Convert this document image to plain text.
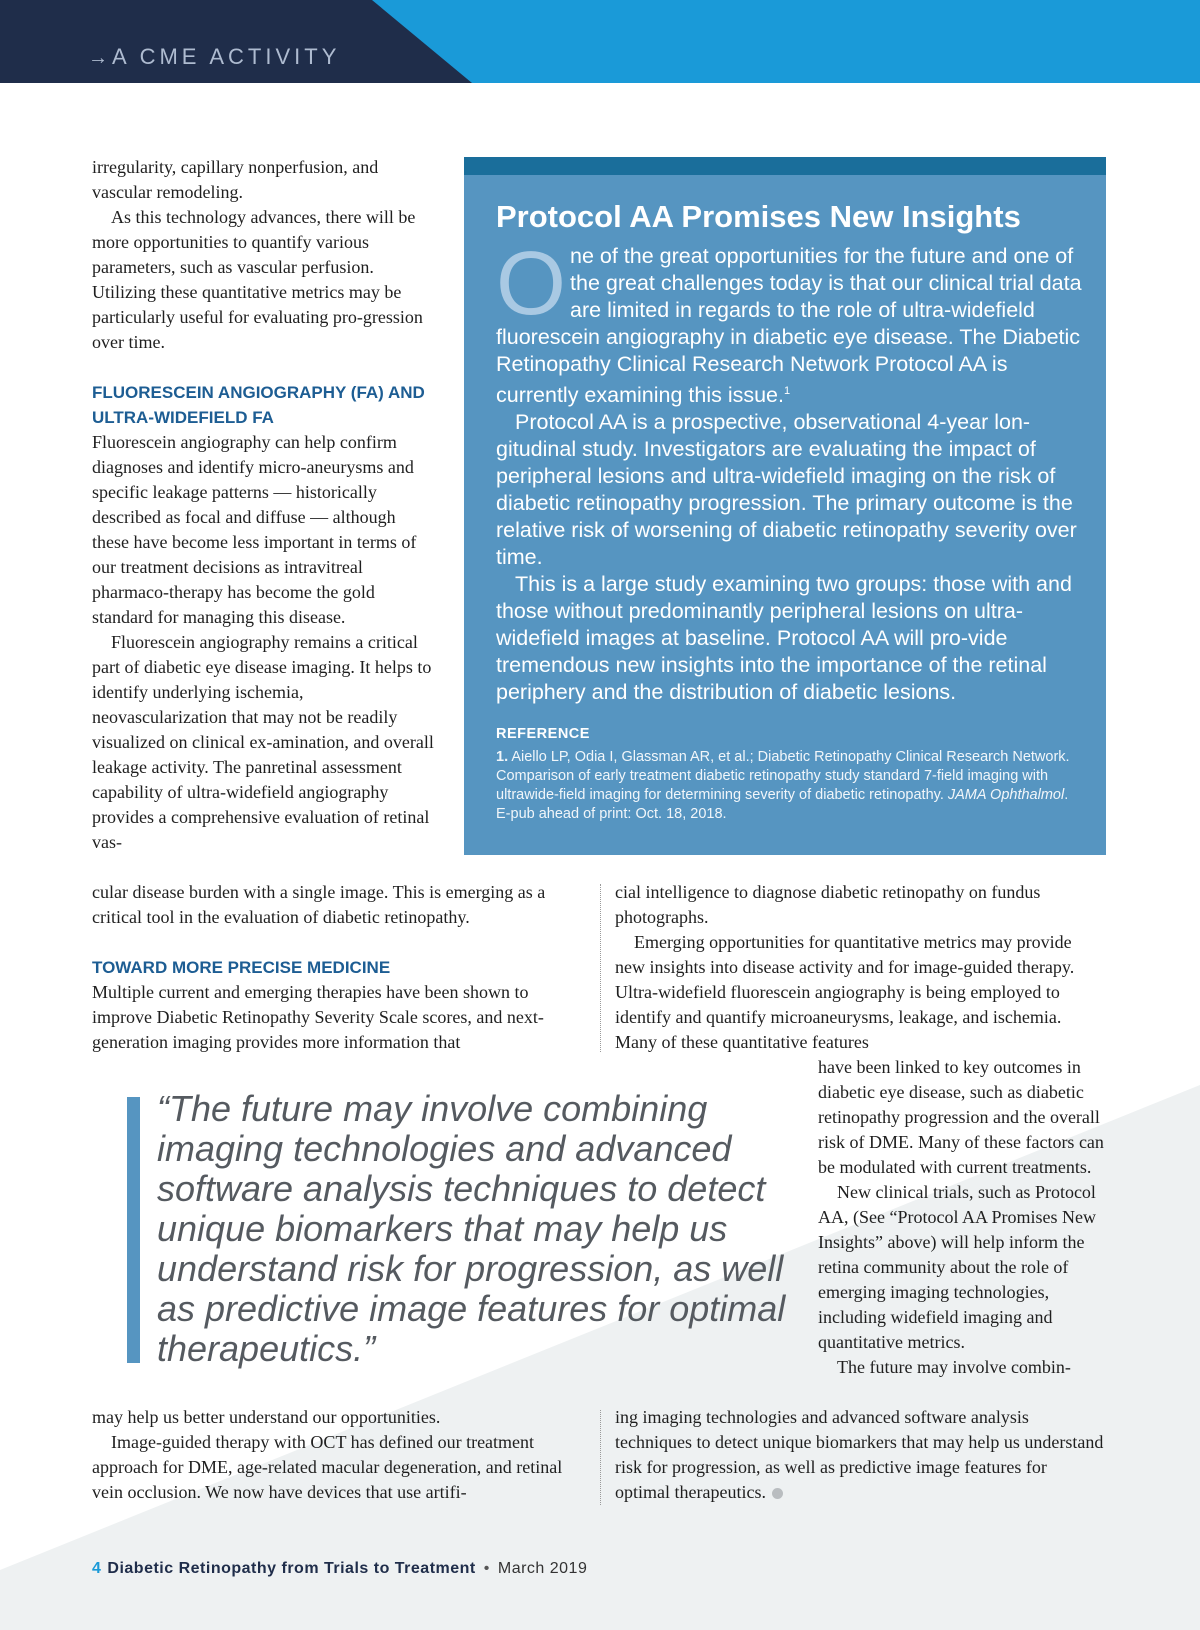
→ A CME ACTIVITY

irregularity, capillary nonperfusion, and vascular remodeling.

As this technology advances, there will be more opportunities to quantify various parameters, such as vascular perfusion. Utilizing these quantitative metrics may be particularly useful for evaluating pro-gression over time.

FLUORESCEIN ANGIOGRAPHY (FA) AND ULTRA-WIDEFIELD FA

Fluorescein angiography can help confirm diagnoses and identify micro-aneurysms and specific leakage patterns — historically described as focal and diffuse — although these have become less important in terms of our treatment decisions as intravitreal pharmaco-therapy has become the gold standard for managing this disease.

Fluorescein angiography remains a critical part of diabetic eye disease imaging. It helps to identify underlying ischemia, neovascularization that may not be readily visualized on clinical ex-amination, and overall leakage activity. The panretinal assessment capability of ultra-widefield angiography provides a comprehensive evaluation of retinal vas-

cular disease burden with a single image. This is emerging as a critical tool in the evaluation of diabetic retinopathy.

TOWARD MORE PRECISE MEDICINE

Multiple current and emerging therapies have been shown to improve Diabetic Retinopathy Severity Scale scores, and next-generation imaging provides more information that

cial intelligence to diagnose diabetic retinopathy on fundus photographs.

Emerging opportunities for quantitative metrics may provide new insights into disease activity and for image-guided therapy. Ultra-widefield fluorescein angiography is being employed to identify and quantify microaneurysms, leakage, and ischemia. Many of these quantitative features

have been linked to key outcomes in diabetic eye disease, such as diabetic retinopathy progression and the overall risk of DME. Many of these factors can be modulated with current treatments.

New clinical trials, such as Protocol AA, (See “Protocol AA Promises New Insights” above) will help inform the retina community about the role of emerging imaging technologies, including widefield imaging and quantitative metrics.

The future may involve combin-

Protocol AA Promises New Insights

One of the great opportunities for the future and one of the great challenges today is that our clinical trial data are limited in regards to the role of ultra-widefield fluorescein angiography in diabetic eye disease. The Diabetic Retinopathy Clinical Research Network Protocol AA is currently examining this issue.$^1$

Protocol AA is a prospective, observational 4-year lon-gitudinal study. Investigators are evaluating the impact of peripheral lesions and ultra-widefield imaging on the risk of diabetic retinopathy progression. The primary outcome is the relative risk of worsening of diabetic retinopathy severity over time.

This is a large study examining two groups: those with and those without predominantly peripheral lesions on ultra-widefield images at baseline. Protocol AA will pro-vide tremendous new insights into the importance of the retinal periphery and the distribution of diabetic lesions.

REFERENCE
1. Aiello LP, Odia I, Glassman AR, et al.; Diabetic Retinopathy Clinical Research Network. Comparison of early treatment diabetic retinopathy study standard 7-field imaging with ultrawide-field imaging for determining severity of diabetic retinopathy. JAMA Ophthalmol. E-pub ahead of print: Oct. 18, 2018.
“The future may involve combining imaging technologies and advanced software analysis techniques to detect unique biomarkers that may help us understand risk for progression, as well as predictive image features for optimal therapeutics.”

may help us better understand our opportunities.

Image-guided therapy with OCT has defined our treatment approach for DME, age-related macular degeneration, and retinal vein occlusion. We now have devices that use artifi-

ing imaging technologies and advanced software analysis techniques to detect unique biomarkers that may help us understand risk for progression, as well as predictive image features for optimal therapeutics.

4 Diabetic Retinopathy from Trials to Treatment • March 2019
